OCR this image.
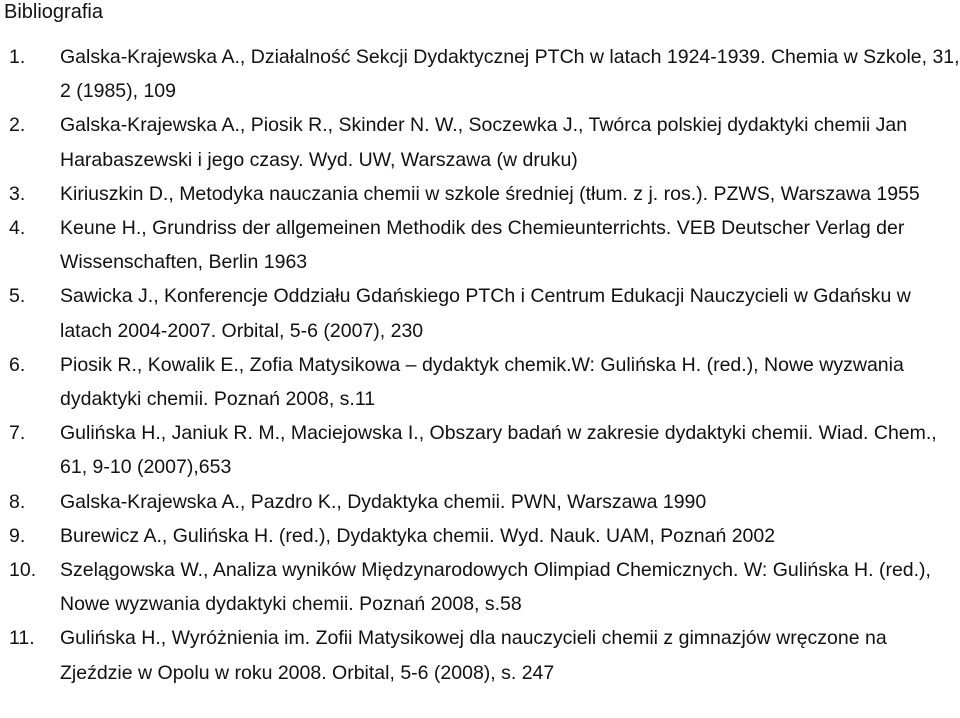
Bibliografia
1.	Galska-Krajewska A., Działalność Sekcji Dydaktycznej PTCh w latach 1924-1939. Chemia w Szkole, 31, 2 (1985), 109
2.	Galska-Krajewska A., Piosik R., Skinder N. W., Soczewka J., Twórca polskiej dydaktyki chemii Jan Harabaszewski i jego czasy. Wyd. UW, Warszawa (w druku)
3.	Kiriuszkin D., Metodyka nauczania chemii w szkole średniej (tłum. z j. ros.). PZWS, Warszawa 1955
4.	Keune H., Grundriss der allgemeinen Methodik des Chemieunterrichts. VEB Deutscher Verlag der Wissenschaften, Berlin 1963
5.	Sawicka J., Konferencje Oddziału Gdańskiego PTCh i Centrum Edukacji Nauczycieli w Gdańsku w latach 2004-2007. Orbital, 5-6 (2007), 230
6.	Piosik R., Kowalik E., Zofia Matysikowa – dydaktyk chemik.W: Gulińska H. (red.), Nowe wyzwania dydaktyki chemii. Poznań 2008, s.11
7.	Gulińska H., Janiuk R. M., Maciejowska I., Obszary badań w zakresie dydaktyki chemii. Wiad. Chem., 61, 9-10 (2007),653
8.	Galska-Krajewska A., Pazdro K., Dydaktyka chemii. PWN, Warszawa 1990
9.	Burewicz A., Gulińska H. (red.), Dydaktyka chemii. Wyd. Nauk. UAM, Poznań 2002
10.	Szelągowska W., Analiza wyników Międzynarodowych Olimpiad Chemicznych. W: Gulińska H. (red.), Nowe wyzwania dydaktyki chemii. Poznań 2008, s.58
11.	Gulińska H., Wyróżnienia im. Zofii Matysikowej dla nauczycieli chemii z gimnazjów wręczone na Zjeździe w Opolu w roku 2008. Orbital, 5-6 (2008), s. 247
